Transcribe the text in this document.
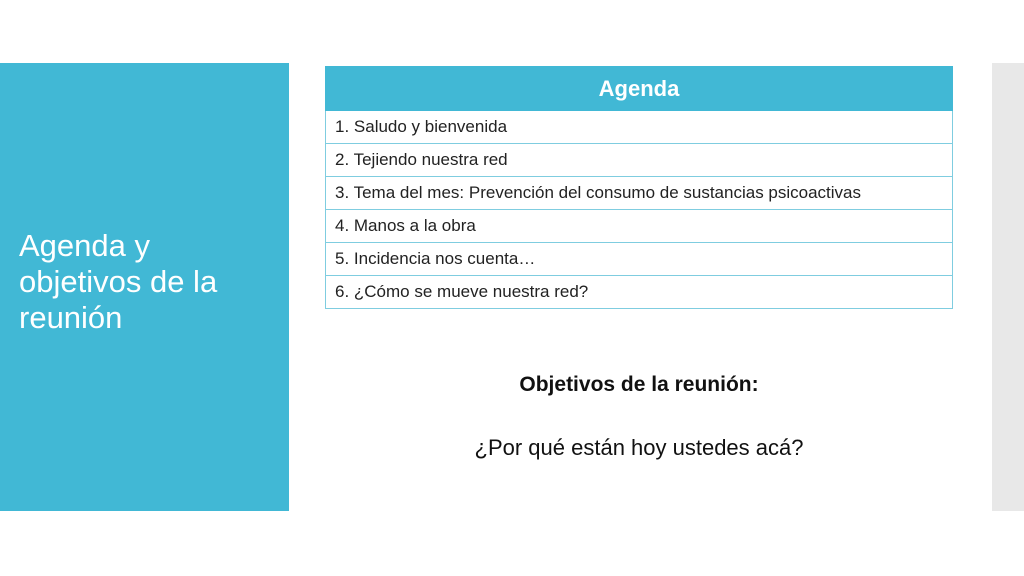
Agenda y objetivos de la reunión
Agenda
1. Saludo y bienvenida
2. Tejiendo nuestra red
3. Tema del mes: Prevención del consumo de sustancias psicoactivas
4. Manos a la obra
5. Incidencia nos cuenta…
6. ¿Cómo se mueve nuestra red?

Objetivos de la reunión:

¿Por qué están hoy ustedes acá?
